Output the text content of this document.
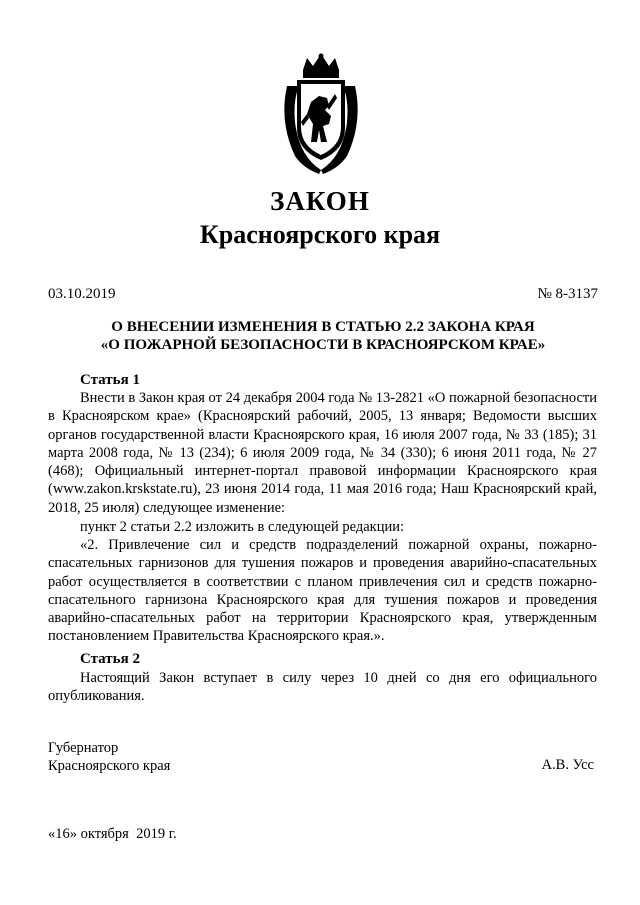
ЗАКОН
Красноярского края
03.10.2019	№ 8-3137
О ВНЕСЕНИИ ИЗМЕНЕНИЯ В СТАТЬЮ 2.2 ЗАКОНА КРАЯ
«О ПОЖАРНОЙ БЕЗОПАСНОСТИ В КРАСНОЯРСКОМ КРАЕ»
Статья 1
Внести в Закон края от 24 декабря 2004 года № 13-2821 «О пожарной безопасности в Красноярском крае» (Красноярский рабочий, 2005, 13 января; Ведомости высших органов государственной власти Красноярского края, 16 июля 2007 года, № 33 (185); 31 марта 2008 года, № 13 (234); 6 июля 2009 года, № 34 (330); 6 июня 2011 года, № 27 (468); Официальный интернет-портал правовой информации Красноярского края (www.zakon.krskstate.ru), 23 июня 2014 года, 11 мая 2016 года; Наш Красноярский край, 2018, 25 июля) следующее изменение:
пункт 2 статьи 2.2 изложить в следующей редакции:
«2. Привлечение сил и средств подразделений пожарной охраны, пожарно-спасательных гарнизонов для тушения пожаров и проведения аварийно-спасательных работ осуществляется в соответствии с планом привлечения сил и средств пожарно-спасательного гарнизона Красноярского края для тушения пожаров и проведения аварийно-спасательных работ на территории Красноярского края, утвержденным постановлением Правительства Красноярского края.».
Статья 2
Настоящий Закон вступает в силу через 10 дней со дня его официального опубликования.
Губернатор
Красноярского края	А.В. Усс
«16» октября  2019 г.
